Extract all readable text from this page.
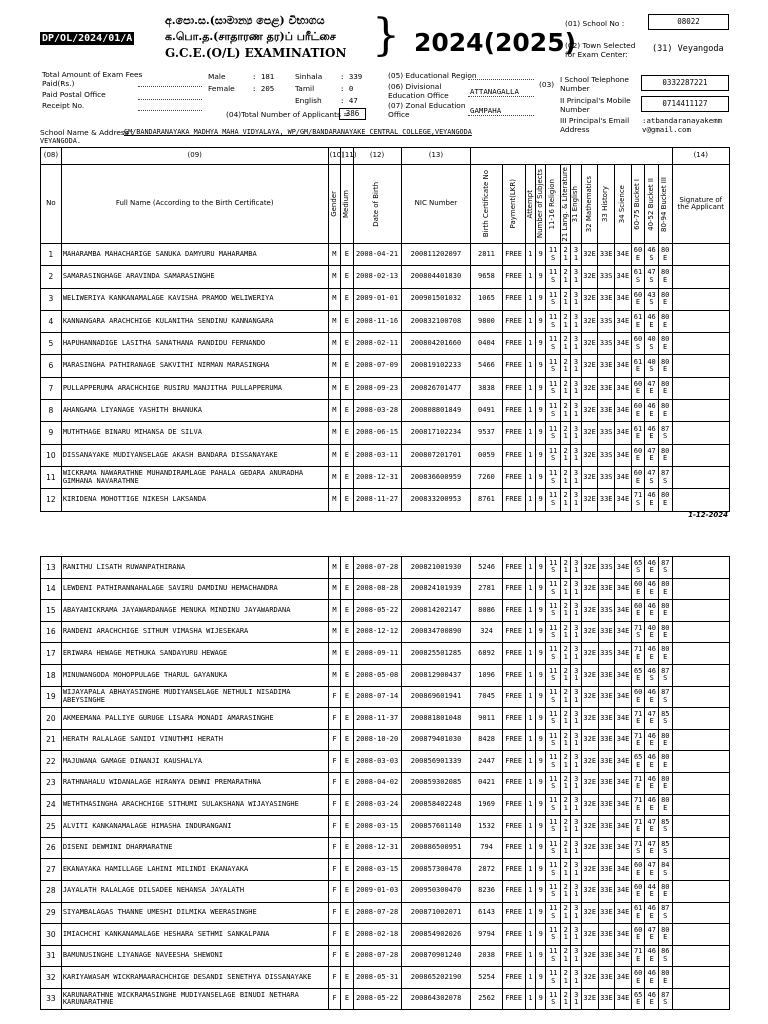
DP/OL/2024/01/A
අ.පො.ස.(සාමාන්‍ය පෙළ) විභාගය
க.பொ.த.(சாதாரண தர)ப் பரீட்சை
G.C.E.(O/L) EXAMINATION } 2024(2025)
(01) School No :	08022
(02) Town Selected for Exam Center:
(31) Veyangoda
Total Amount of Exam Fees Paid(Rs.)
Paid Postal Office
Receipt No.
Male	: 181
Female : 205
Sinhala : 339
Tamil	: 0
English : 47
(04)Total Number of Applicants =
386
(05) Educational Region
(06) Divisional Education Office	ATTANAGALLA
(07) Zonal Education Office	GAMPAHA
(03)
I School Telephone Number
0332287221
II Principal's Mobile Number
0714411127
III Principal's Email Address
:atbandaranayakemm v@gmail.com
School Name & Address :
GM/BANDARANAYAKA MADHYA MAHA VIDYALAYA, WP/GM/BANDARANAYAKE CENTRAL COLLEGE,VEYANGODA
VEYANGODA.
(08)	(09)	(10)	(11)	(12)	(13)														(14)
No	Full Name (According to the Birth Certificate)	Gender	Medium	Date of Birth	NIC Number	Birth Certificate No	Payment(LKR)	Attempt	Number of Subjects	11-16 Religion	21 Lang. & Literature	31 English	32 Mathematics	33 History	34 Science	60-75 Bucket I	40-52 Bucket II	80-94 Bucket III	Signature of the Applicant
1	MAHARAMBA MAHACHARIGE SANUKA DAMYURU MAHARAMBA	M	E	2008-04-21	200811202097	2811	FREE	1	9	11S	21	31	32E	33E	34E	60E	46S	80E	
2	SAMARASINGHAGE ARAVINDA SAMARASINGHE	M	E	2008-02-13	200804401830	9658	FREE	1	9	11S	21	31	32E	33S	34E	61S	47S	80E	
3	WELIWERIYA KANKANAMALAGE KAVISHA PRAMOD WELIWERIYA	M	E	2009-01-01	200901501032	1065	FREE	1	9	11S	21	31	32E	33E	34E	60E	43S	80E	
4	KANNANGARA ARACHCHIGE KULANITHA SENDINU KANNANGARA	M	E	2008-11-16	200832100708	9800	FREE	1	9	11S	21	31	32E	33S	34E	61E	46E	80E	
5	HAPUHANNADIGE LASITHA SANATHANA RANDIDU FERNANDO	M	E	2008-02-11	200804201660	0404	FREE	1	9	11S	21	31	32E	33S	34E	60S	40S	80E	
6	MARASINGHA PATHIRANAGE SAKVITHI NIRMAN MARASINGHA	M	E	2008-07-09	200819102233	5466	FREE	1	9	11S	21	31	32E	33E	34E	61E	40S	80E	
7	PULLAPPERUMA ARACHCHIGE RUSIRU MANJITHA PULLAPPERUMA	M	E	2008-09-23	200826701477	3838	FREE	1	9	11S	21	31	32E	33E	34E	60E	47E	80E	
8	AHANGAMA LIYANAGE YASHITH BHANUKA	M	E	2008-03-28	200808801849	0491	FREE	1	9	11S	21	31	32E	33E	34E	60E	46E	80E	
9	MUTHTHAGE BINARU MIHANSA DE SILVA	M	E	2008-06-15	200817102234	9537	FREE	1	9	11S	21	31	32E	33S	34E	61E	46E	87S	
10	DISSANAYAKE MUDIYANSELAGE AKASH BANDARA DISSANAYAKE	M	E	2008-03-11	200807201701	0059	FREE	1	9	11S	21	31	32E	33S	34E	60E	47E	80E	
11	WICKRAMA NAWARATHNE MUHANDIRAMLAGE PAHALA GEDARA ANURADHA GIMHANA NAVARATHNE	M	E	2008-12-31	200836600959	7260	FREE	1	9	11S	21	31	32E	33S	34E	60E	47S	87S	
12	KIRIDENA MOHOTTIGE NIKESH LAKSANDA	M	E	2008-11-27	200833200953	8761	FREE	1	9	11S	21	31	32E	33E	34E	71S	46E	80E	
1-12-2024
13	RANITHU LISATH RUWANPATHIRANA	M	E	2008-07-28	200821001930	5246	FREE	1	9	11S	21	31	32E	33S	34E	65S	46E	87S	
14	LEWDENI PATHIRANNAHALAGE SAVIRU DAMDINU HEMACHANDRA	M	E	2008-08-28	200824101939	2781	FREE	1	9	11S	21	31	32E	33E	34E	60E	46E	80E	
15	ABAYAWICKRAMA JAYAWARDANAGE MENUKA MINDINU JAYAWARDANA	M	E	2008-05-22	200814202147	8086	FREE	1	9	11S	21	31	32E	33S	34E	60E	46E	80E	
16	RANDENI ARACHCHIGE SITHUM VIMASHA WIJESEKARA	M	E	2008-12-12	200834700890	324	FREE	1	9	11S	21	31	32E	33E	34E	71S	40E	80E	
17	ERIWARA HEWAGE METHUKA SANDAYURU HEWAGE	M	E	2008-09-11	200825501285	6892	FREE	1	9	11S	21	31	32E	33S	34E	71E	46E	80E	
18	MINUWANGODA MOHOPPULAGE THARUL GAYANUKA	M	E	2008-05-08	200812900437	1096	FREE	1	9	11S	21	31	32E	33E	34E	65E	46S	87S	
19	WIJAYAPALA ABHAYASINGHE MUDIYANSELAGE NETHULI NISADIMA ABEYSINGHE	F	E	2008-07-14	200869601941	7045	FREE	1	9	11S	21	31	32E	33E	34E	60E	46E	87S	
20	AKMEEMANA PALLIYE GURUGE LISARA MONADI AMARASINGHE	F	E	2008-11-37	200881801048	9011	FREE	1	9	11S	21	31	32E	33E	34E	71E	47E	85S	
21	HERATH RALALAGE SANIDI VINUTHMI HERATH	F	E	2008-10-20	200879401030	8428	FREE	1	9	11S	21	31	32E	33E	34E	71E	46E	80E	
22	MAJUWANA GAMAGE DINANJI KAUSHALYA	F	E	2008-03-03	200856901339	2447	FREE	1	9	11S	21	31	32E	33E	34E	65E	46E	80E	
23	RATHNAHALU WIDANALAGE HIRANYA DEWNI PREMARATHNA	F	E	2008-04-02	200859302085	0421	FREE	1	9	11S	21	31	32E	33E	34E	71E	46E	80E	
24	WETHTHASINGHA ARACHCHIGE SITHUMI SULAKSHANA WIJAYASINGHE	F	E	2008-03-24	200858402248	1969	FREE	1	9	11S	21	31	32E	33E	34E	71E	46E	80E	
25	ALVITI KANKANAMALAGE HIMASHA INDURANGANI	F	E	2008-03-15	200857601140	1532	FREE	1	9	11S	21	31	32E	33E	34E	71E	47E	85S	
26	DISENI DEWMINI DHARMARATNE	F	E	2008-12-31	200886500951	794	FREE	1	9	11S	21	31	32E	33E	34E	71S	47E	85S	
27	EKANAYAKA HAMILLAGE LAHINI MILINDI EKANAYAKA	F	E	2008-03-15	200857300470	2872	FREE	1	9	11S	21	31	32E	33E	34E	60E	47E	84S	
28	JAYALATH RALALAGE DILSADEE NEHANSA JAYALATH	F	E	2009-01-03	200950300470	8236	FREE	1	9	11S	21	31	32E	33E	34E	60E	44E	80E	
29	SIYAMBALAGAS THANNE UMESHI DILMIKA WEERASINGHE	F	E	2008-07-28	200871002071	6143	FREE	1	9	11S	21	31	32E	33E	34E	61E	46E	87S	
30	IMIACHCHI KANKANAMALAGE HESHARA SETHMI SANKALPANA	F	E	2008-02-18	200854902026	9794	FREE	1	9	11S	21	31	32E	33E	34E	60E	47E	80E	
31	BAMUNUSINGHE LIYANAGE NAVEESHA SHEWONI	F	E	2008-07-28	200870901240	2038	FREE	1	9	11S	21	31	32E	33E	34E	71E	46E	86S	
32	KARIYAWASAM WICKRAMAARACHCHIGE DESANDI SENETHYA DISSANAYAKE	F	E	2008-05-31	200865202190	5254	FREE	1	9	11S	21	31	32E	33E	34E	60E	46E	80E	
33	KARUNARATHNE WICKRAMASINGHE MUDIYANSELAGE BINUDI NETHARA KARUNARATHNE	F	E	2008-05-22	200864302078	2562	FREE	1	9	11S	21	31	32E	33E	34E	65E	46E	87S	
